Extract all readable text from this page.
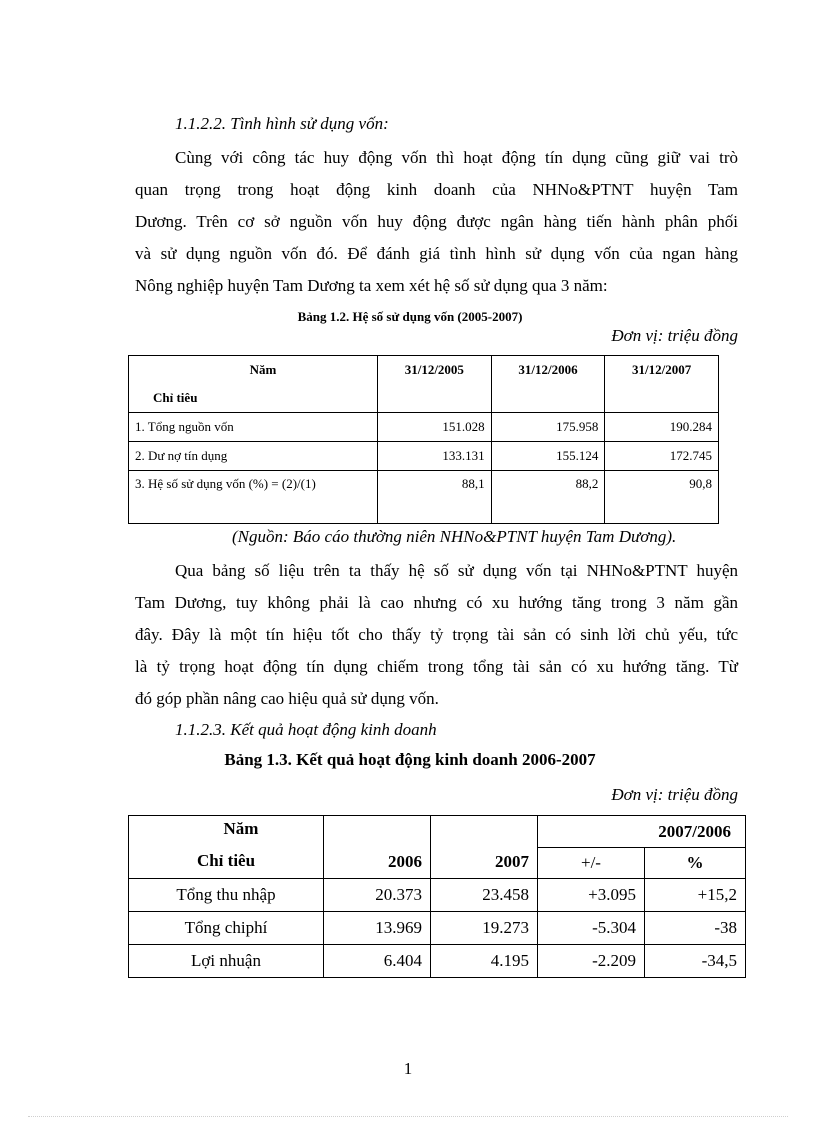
1.1.2.2. Tình hình sử dụng vốn:
Cùng với công tác huy động vốn thì hoạt động tín dụng cũng giữ vai trò
quan trọng trong hoạt động kinh doanh của NHNo&PTNT huyện Tam
Dương. Trên cơ sở nguồn vốn huy động được ngân hàng tiến hành phân phối
và sử dụng nguồn vốn đó. Để đánh giá tình hình sử dụng vốn của ngan hàng
Nông nghiệp huyện Tam Dương ta xem xét hệ số sử dụng qua 3 năm:
Bảng 1.2. Hệ số sử dụng vốn (2005-2007)
Đơn vị: triệu đồng
Năm
Chỉ tiêu	31/12/2005	31/12/2006	31/12/2007
1. Tổng nguồn vốn	151.028	175.958	190.284
2. Dư nợ tín dụng	133.131	155.124	172.745
3. Hệ số sử dụng vốn (%) = (2)/(1)	88,1	88,2	90,8
(Nguồn: Báo cáo thường niên NHNo&PTNT huyện Tam Dương).
Qua bảng số liệu trên ta thấy hệ số sử dụng vốn tại NHNo&PTNT huyện
Tam Dương, tuy không phải là cao nhưng có xu hướng tăng trong 3 năm gần
đây. Đây là một tín hiệu tốt cho thấy tỷ trọng tài sản có sinh lời chủ yếu, tức
là tỷ trọng hoạt động tín dụng chiếm trong tổng tài sản có xu hướng tăng. Từ
đó góp phần nâng cao hiệu quả sử dụng vốn.
1.1.2.3. Kết quả hoạt động kinh doanh
Bảng 1.3. Kết quả hoạt động kinh doanh 2006-2007
Đơn vị: triệu đồng
Năm
Chỉ tiêu	2006	2007	2007/2006	
			+/-	%
Tổng thu nhập	20.373	23.458	+3.095	+15,2
Tổng chiphí	13.969	19.273	-5.304	-38
Lợi nhuận	6.404	4.195	-2.209	-34,5
1
